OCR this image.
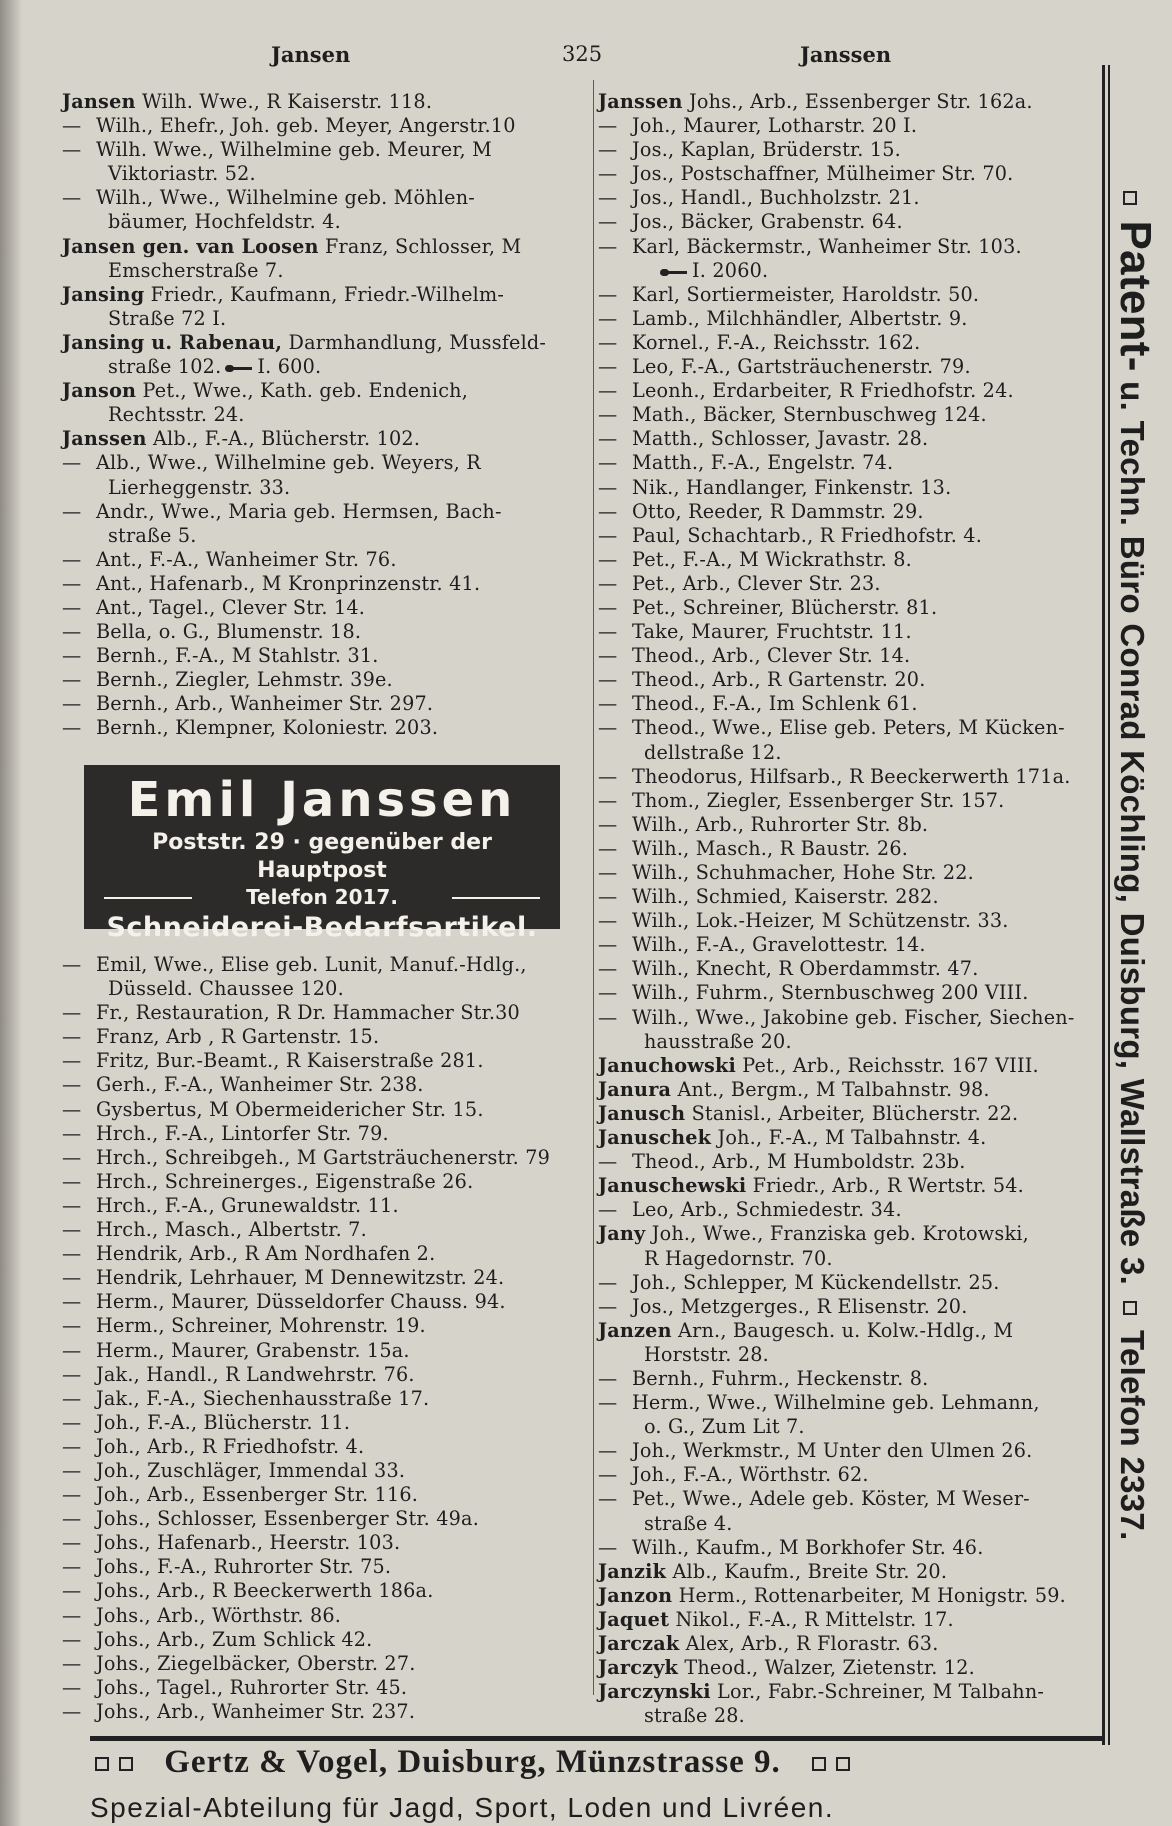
Jansen	325	Janssen
Jansen Wilh. Wwe., R Kaiserstr. 118.
— Wilh., Ehefr., Joh. geb. Meyer, Angerstr.10
— Wilh. Wwe., Wilhelmine geb. Meurer, M
Viktoriastr. 52.
— Wilh., Wwe., Wilhelmine geb. Möhlen-
bäumer, Hochfeldstr. 4.
Jansen gen. van Loosen Franz, Schlosser, M
Emscherstraße 7.
Jansing Friedr., Kaufmann, Friedr.-Wilhelm-
Straße 72 I.
Jansing u. Rabenau, Darmhandlung, Mussfeld-
straße 102. I. 600.
Janson Pet., Wwe., Kath. geb. Endenich,
Rechtsstr. 24.
Janssen Alb., F.-A., Blücherstr. 102.
— Alb., Wwe., Wilhelmine geb. Weyers, R
Lierheggenstr. 33.
— Andr., Wwe., Maria geb. Hermsen, Bach-
straße 5.
— Ant., F.-A., Wanheimer Str. 76.
— Ant., Hafenarb., M Kronprinzenstr. 41.
— Ant., Tagel., Clever Str. 14.
— Bella, o. G., Blumenstr. 18.
— Bernh., F.-A., M Stahlstr. 31.
— Bernh., Ziegler, Lehmstr. 39e.
— Bernh., Arb., Wanheimer Str. 297.
— Bernh., Klempner, Koloniestr. 203.
Emil Janssen
Poststr. 29 · gegenüber der Hauptpost
Telefon 2017.
Schneiderei-Bedarfsartikel.
— Emil, Wwe., Elise geb. Lunit, Manuf.-Hdlg.,
Düsseld. Chaussee 120.
— Fr., Restauration, R Dr. Hammacher Str.30
— Franz, Arb , R Gartenstr. 15.
— Fritz, Bur.-Beamt., R Kaiserstraße 281.
— Gerh., F.-A., Wanheimer Str. 238.
— Gysbertus, M Obermeidericher Str. 15.
— Hrch., F.-A., Lintorfer Str. 79.
— Hrch., Schreibgeh., M Gartsträuchenerstr. 79
— Hrch., Schreinerges., Eigenstraße 26.
— Hrch., F.-A., Grunewaldstr. 11.
— Hrch., Masch., Albertstr. 7.
— Hendrik, Arb., R Am Nordhafen 2.
— Hendrik, Lehrhauer, M Dennewitzstr. 24.
— Herm., Maurer, Düsseldorfer Chauss. 94.
— Herm., Schreiner, Mohrenstr. 19.
— Herm., Maurer, Grabenstr. 15a.
— Jak., Handl., R Landwehrstr. 76.
— Jak., F.-A., Siechenhausstraße 17.
— Joh., F.-A., Blücherstr. 11.
— Joh., Arb., R Friedhofstr. 4.
— Joh., Zuschläger, Immendal 33.
— Joh., Arb., Essenberger Str. 116.
— Johs., Schlosser, Essenberger Str. 49a.
— Johs., Hafenarb., Heerstr. 103.
— Johs., F.-A., Ruhrorter Str. 75.
— Johs., Arb., R Beeckerwerth 186a.
— Johs., Arb., Wörthstr. 86.
— Johs., Arb., Zum Schlick 42.
— Johs., Ziegelbäcker, Oberstr. 27.
— Johs., Tagel., Ruhrorter Str. 45.
— Johs., Arb., Wanheimer Str. 237.
Janssen Johs., Arb., Essenberger Str. 162a.
— Joh., Maurer, Lotharstr. 20 I.
— Jos., Kaplan, Brüderstr. 15.
— Jos., Postschaffner, Mülheimer Str. 70.
— Jos., Handl., Buchholzstr. 21.
— Jos., Bäcker, Grabenstr. 64.
— Karl, Bäckermstr., Wanheimer Str. 103.
I. 2060.
— Karl, Sortiermeister, Haroldstr. 50.
— Lamb., Milchhändler, Albertstr. 9.
— Kornel., F.-A., Reichsstr. 162.
— Leo, F.-A., Gartsträuchenerstr. 79.
— Leonh., Erdarbeiter, R Friedhofstr. 24.
— Math., Bäcker, Sternbuschweg 124.
— Matth., Schlosser, Javastr. 28.
— Matth., F.-A., Engelstr. 74.
— Nik., Handlanger, Finkenstr. 13.
— Otto, Reeder, R Dammstr. 29.
— Paul, Schachtarb., R Friedhofstr. 4.
— Pet., F.-A., M Wickrathstr. 8.
— Pet., Arb., Clever Str. 23.
— Pet., Schreiner, Blücherstr. 81.
— Take, Maurer, Fruchtstr. 11.
— Theod., Arb., Clever Str. 14.
— Theod., Arb., R Gartenstr. 20.
— Theod., F.-A., Im Schlenk 61.
— Theod., Wwe., Elise geb. Peters, M Kücken-
dellstraße 12.
— Theodorus, Hilfsarb., R Beeckerwerth 171a.
— Thom., Ziegler, Essenberger Str. 157.
— Wilh., Arb., Ruhrorter Str. 8b.
— Wilh., Masch., R Baustr. 26.
— Wilh., Schuhmacher, Hohe Str. 22.
— Wilh., Schmied, Kaiserstr. 282.
— Wilh., Lok.-Heizer, M Schützenstr. 33.
— Wilh., F.-A., Gravelottestr. 14.
— Wilh., Knecht, R Oberdammstr. 47.
— Wilh., Fuhrm., Sternbuschweg 200 VIII.
— Wilh., Wwe., Jakobine geb. Fischer, Siechen-
hausstraße 20.
Januchowski Pet., Arb., Reichsstr. 167 VIII.
Janura Ant., Bergm., M Talbahnstr. 98.
Janusch Stanisl., Arbeiter, Blücherstr. 22.
Januschek Joh., F.-A., M Talbahnstr. 4.
— Theod., Arb., M Humboldstr. 23b.
Januschewski Friedr., Arb., R Wertstr. 54.
— Leo, Arb., Schmiedestr. 34.
Jany Joh., Wwe., Franziska geb. Krotowski,
R Hagedornstr. 70.
— Joh., Schlepper, M Kückendellstr. 25.
— Jos., Metzgerges., R Elisenstr. 20.
Janzen Arn., Baugesch. u. Kolw.-Hdlg., M
Horststr. 28.
— Bernh., Fuhrm., Heckenstr. 8.
— Herm., Wwe., Wilhelmine geb. Lehmann,
o. G., Zum Lit 7.
— Joh., Werkmstr., M Unter den Ulmen 26.
— Joh., F.-A., Wörthstr. 62.
— Pet., Wwe., Adele geb. Köster, M Weser-
straße 4.
— Wilh., Kaufm., M Borkhofer Str. 46.
Janzik Alb., Kaufm., Breite Str. 20.
Janzon Herm., Rottenarbeiter, M Honigstr. 59.
Jaquet Nikol., F.-A., R Mittelstr. 17.
Jarczak Alex, Arb., R Florastr. 63.
Jarczyk Theod., Walzer, Zietenstr. 12.
Jarczynski Lor., Fabr.-Schreiner, M Talbahn-
straße 28.
Patent- u. Techn. Büro Conrad Köchling, Duisburg, Wallstraße 3.  Telefon 2337.
Gertz & Vogel, Duisburg, Münzstrasse 9.
Spezial-Abteilung für Jagd, Sport, Loden und Livréen.
